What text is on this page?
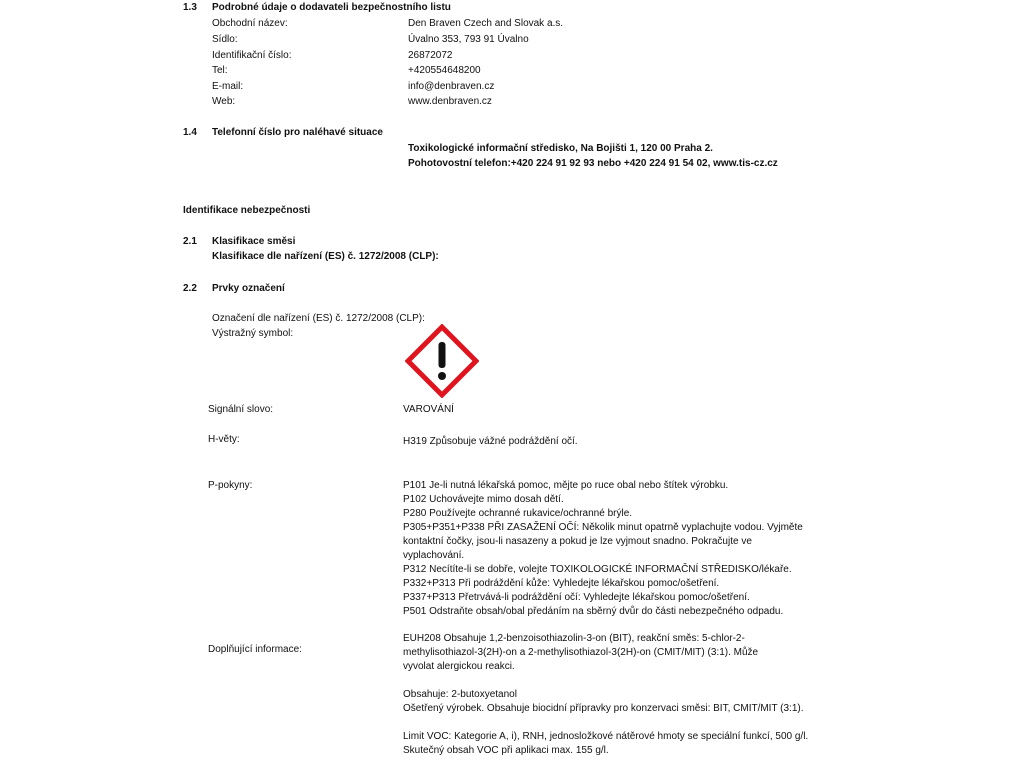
1.3 Podrobné údaje o dodavateli bezpečnostního listu
Obchodní název:	Den Braven Czech and Slovak a.s.
Sídlo:	Úvalno 353, 793 91 Úvalno
Identifikační číslo:	26872072
Tel:	+420554648200
E-mail:	info@denbraven.cz
Web:	www.denbraven.cz
1.4 Telefonní číslo pro naléhavé situace
Toxikologické informační středisko, Na Bojišti 1, 120 00 Praha 2.
Pohotovostní telefon:+420 224 91 92 93 nebo +420 224 91 54 02, www.tis-cz.cz
Identifikace nebezpečnosti
2.1 Klasifikace směsi
Klasifikace dle nařízení (ES) č. 1272/2008 (CLP):
2.2 Prvky označení
Označení dle nařízení (ES) č. 1272/2008 (CLP):
Výstražný symbol:
Signální slovo:	VAROVÁNÍ
H-věty:	H319 Způsobuje vážné podráždění očí.
P-pokyny:	P101 Je-li nutná lékařská pomoc, mějte po ruce obal nebo štítek výrobku.
P102 Uchovávejte mimo dosah dětí.
P280 Používejte ochranné rukavice/ochranné brýle.
P305+P351+P338 PŘI ZASAŽENÍ OČÍ: Několik minut opatrně vyplachujte vodou. Vyjměte
kontaktní čočky, jsou-li nasazeny a pokud je lze vyjmout snadno. Pokračujte ve
vyplachování.
P312 Necítíte-li se dobře, volejte TOXIKOLOGICKÉ INFORMAČNÍ STŘEDISKO/lékaře.
P332+P313 Při podráždění kůže: Vyhledejte lékařskou pomoc/ošetření.
P337+P313 Přetrvává-li podráždění očí: Vyhledejte lékařskou pomoc/ošetření.
P501 Odstraňte obsah/obal předáním na sběrný dvůr do části nebezpečného odpadu.
Doplňující informace:
EUH208 Obsahuje 1,2-benzoisothiazolin-3-on (BIT), reakční směs: 5-chlor-2-
methylisothiazol-3(2H)-on a 2-methylisothiazol-3(2H)-on (CMIT/MIT) (3:1). Může
vyvolat alergickou reakci.
Obsahuje: 2-butoxyetanol
Ošetřený výrobek. Obsahuje biocidní přípravky pro konzervaci směsi: BIT, CMIT/MIT (3:1).
Limit VOC: Kategorie A, i), RNH, jednosložkové nátěrové hmoty se speciální funkcí, 500 g/l.
Skutečný obsah VOC při aplikaci max. 155 g/l.
